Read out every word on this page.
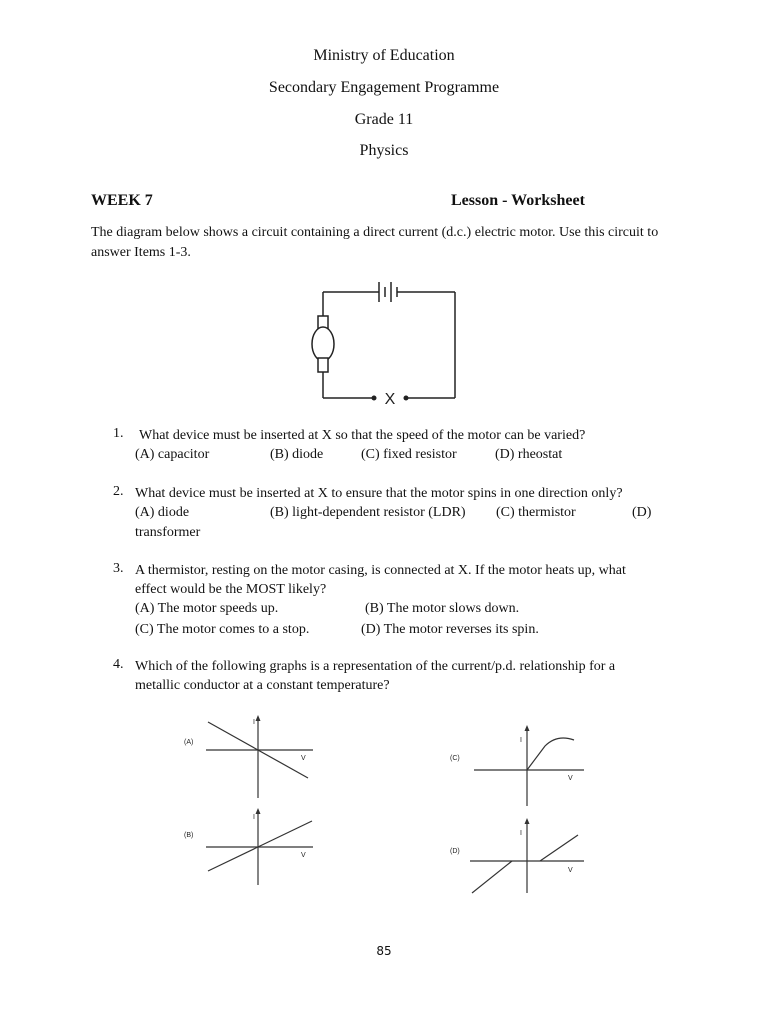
Ministry of Education
Secondary Engagement Programme
Grade 11
Physics
WEEK 7	Lesson - Worksheet
The diagram below shows a circuit containing a direct current (d.c.) electric motor. Use this circuit to answer Items 1-3.
X
1. What device must be inserted at X so that the speed of the motor can be varied?
(A) capacitor	(B) diode	(C) fixed resistor	(D) rheostat
2. What device must be inserted at X to ensure that the motor spins in one direction only?
(A) diode	(B) light-dependent resistor (LDR) (C) thermistor	(D)
transformer
3. A thermistor, resting on the motor casing, is connected at X. If the motor heats up, what
effect would be the MOST likely?
(A) The motor speeds up.	(B) The motor slows down.
(C) The motor comes to a stop.	(D) The motor reverses its spin.
4. Which of the following graphs is a representation of the current/p.d. relationship for a
metallic conductor at a constant temperature?
(A)
I
V
(B)
I
V
(C)
I
V
(D)
I
V
85
